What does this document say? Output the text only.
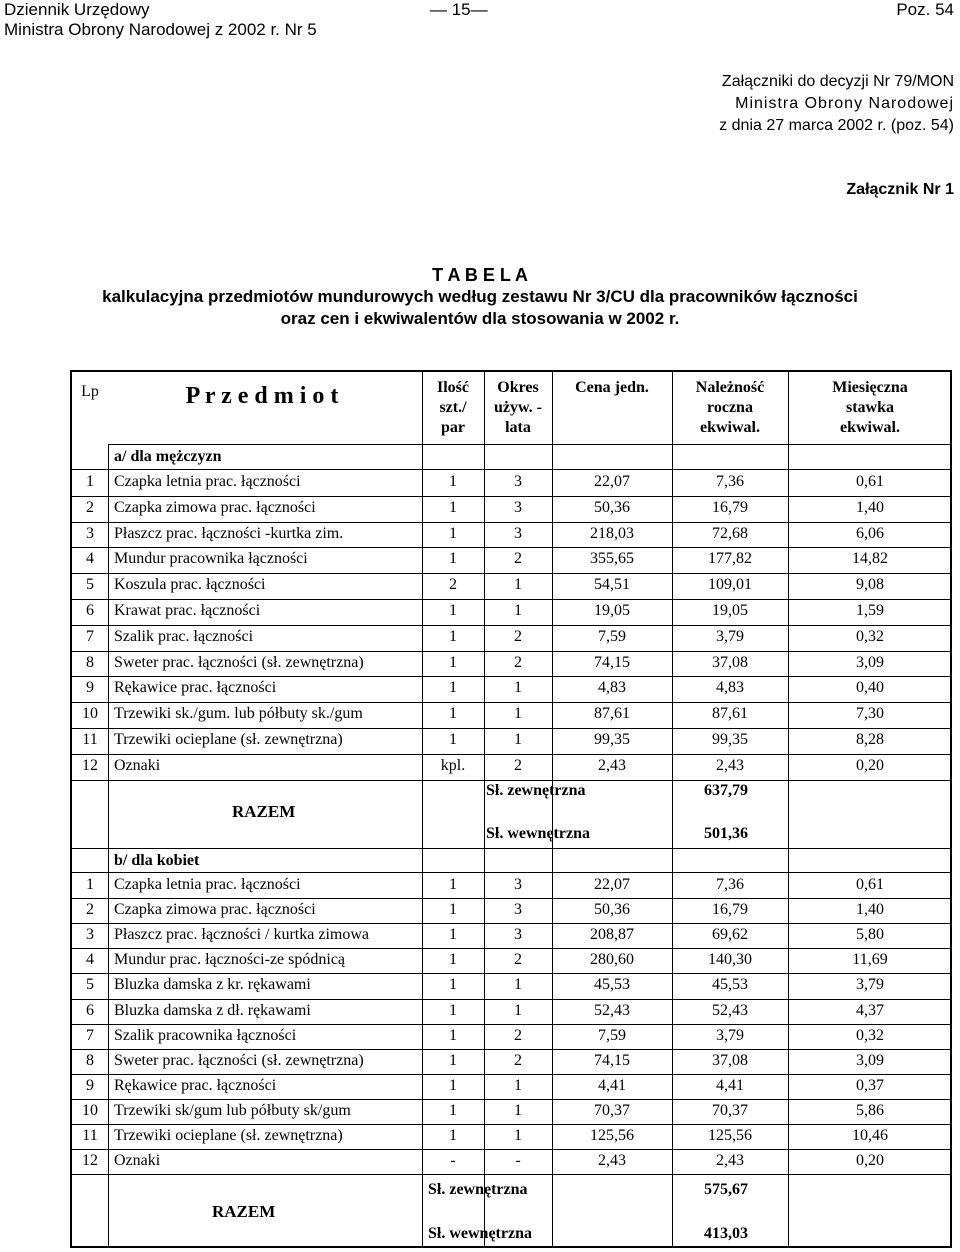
Dziennik Urzędowy
Ministra Obrony Narodowej z 2002 r. Nr 5
— 15—	Poz. 54
Załączniki do decyzji Nr 79/MON
Ministra Obrony Narodowej
z dnia 27 marca 2002 r. (poz. 54)
Załącznik Nr 1
T A B E L A
kalkulacyjna przedmiotów mundurowych według zestawu Nr 3/CU dla pracowników łączności
oraz cen i ekwiwalentów dla stosowania w 2002 r.
Lp	P r z e d m i o t	Ilość
szt./
par
Okres
używ. -
lata
Cena jedn.	Należność
roczna
ekwiwal.
Miesięczna
stawka
ekwiwal.
a/ dla mężczyzn
1	Czapka letnia prac. łączności	1	3	22,07	7,36	0,61
2	Czapka zimowa prac. łączności	1	3	50,36	16,79	1,40
3	Płaszcz prac. łączności -kurtka zim.	1	3	218,03	72,68	6,06
4	Mundur pracownika łączności	1	2	355,65	177,82	14,82
5	Koszula prac. łączności	2	1	54,51	109,01	9,08
6	Krawat prac. łączności	1	1	19,05	19,05	1,59
7	Szalik prac. łączności	1	2	7,59	3,79	0,32
8	Sweter prac. łączności (sł. zewnętrzna)	1	2	74,15	37,08	3,09
9	Rękawice prac. łączności	1	1	4,83	4,83	0,40
10	Trzewiki sk./gum. lub półbuty sk./gum	1	1	87,61	87,61	7,30
11	Trzewiki ocieplane (sł. zewnętrzna)	1	1	99,35	99,35	8,28
12	Oznaki	kpl.	2	2,43	2,43	0,20
RAZEM
Sł. zewnętrzna	637,79
Sł. wewnętrzna	501,36
b/ dla kobiet
1	Czapka letnia prac. łączności	1	3	22,07	7,36	0,61
2	Czapka zimowa prac. łączności	1	3	50,36	16,79	1,40
3	Płaszcz prac. łączności / kurtka zimowa	1	3	208,87	69,62	5,80
4	Mundur prac. łączności-ze spódnicą	1	2	280,60	140,30	11,69
5	Bluzka damska z kr. rękawami	1	1	45,53	45,53	3,79
6	Bluzka damska z dł. rękawami	1	1	52,43	52,43	4,37
7	Szalik pracownika łączności	1	2	7,59	3,79	0,32
8	Sweter prac. łączności (sł. zewnętrzna)	1	2	74,15	37,08	3,09
9	Rękawice prac. łączności	1	1	4,41	4,41	0,37
10	Trzewiki sk/gum lub półbuty sk/gum	1	1	70,37	70,37	5,86
11	Trzewiki ocieplane (sł. zewnętrzna)	1	1	125,56	125,56	10,46
12	Oznaki	-	-	2,43	2,43	0,20
RAZEM
Sł. zewnętrzna	575,67
Sł. wewnętrzna	413,03
